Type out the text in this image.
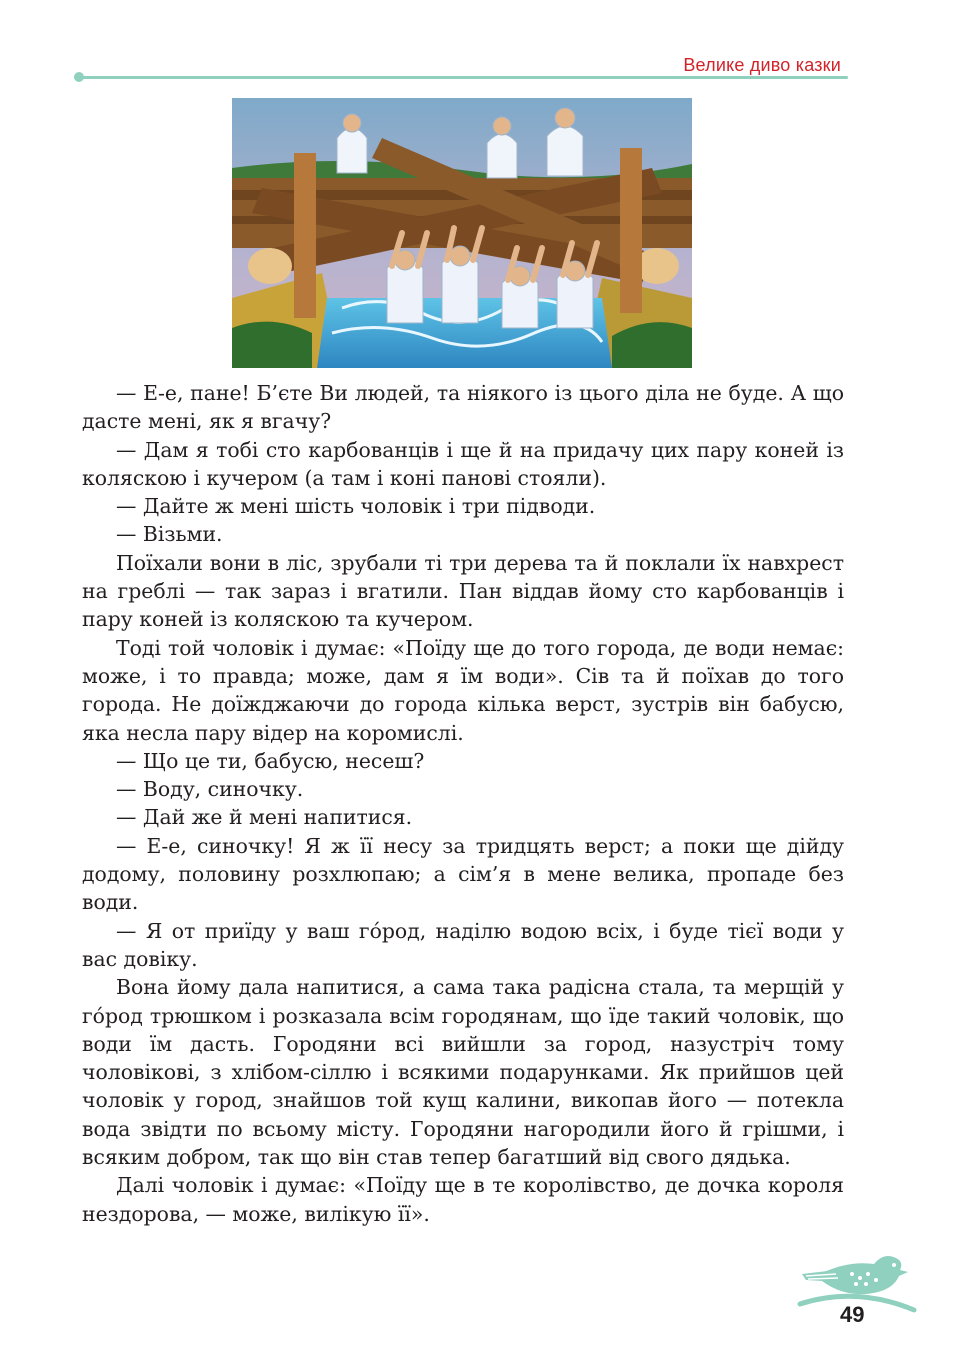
Велике диво казки

— Е-е, пане! Б’єте Ви людей, та ніякого із цього діла не буде. А що дасте мені, як я вгачу?

— Дам я тобі сто карбованців і ще й на придачу цих пару коней із коляскою і кучером (а там і коні панові стояли).

— Дайте ж мені шість чоловік і три підводи.

— Візьми.

Поїхали вони в ліс, зрубали ті три дерева та й поклали їх навхрест на греблі — так зараз і вгатили. Пан віддав йому сто карбованців і пару коней із коляскою та кучером.

Тоді той чоловік і думає: «Поїду ще до того города, де води немає: може, і то правда; може, дам я їм води». Сів та й поїхав до того города. Не доїжджаючи до города кілька верст, зустрів він бабусю, яка несла пару відер на коромислі.

— Що це ти, бабусю, несеш?

— Воду, синочку.

— Дай же й мені напитися.

— Е-е, синочку! Я ж її несу за тридцять верст; а поки ще дійду додому, половину розхлюпаю; а сім’я в мене велика, пропаде без води.

— Я от приїду у ваш го́род, наділю водою всіх, і буде тієї води у вас довіку.

Вона йому дала напитися, а сама така радісна стала, та мерщій у го́род трюшком і розказала всім городянам, що їде такий чоловік, що води їм дасть. Городяни всі вийшли за город, назустріч тому чоловікові, з хлібом-сіллю і всякими подарунками. Як прийшов цей чоловік у город, знайшов той кущ калини, викопав його — потекла вода звідти по всьому місту. Городяни нагородили його й грішми, і всяким добром, так що він став тепер багатший від свого дядька.

Далі чоловік і думає: «Поїду ще в те королівство, де дочка короля нездорова, — може, вилікую її».

49
